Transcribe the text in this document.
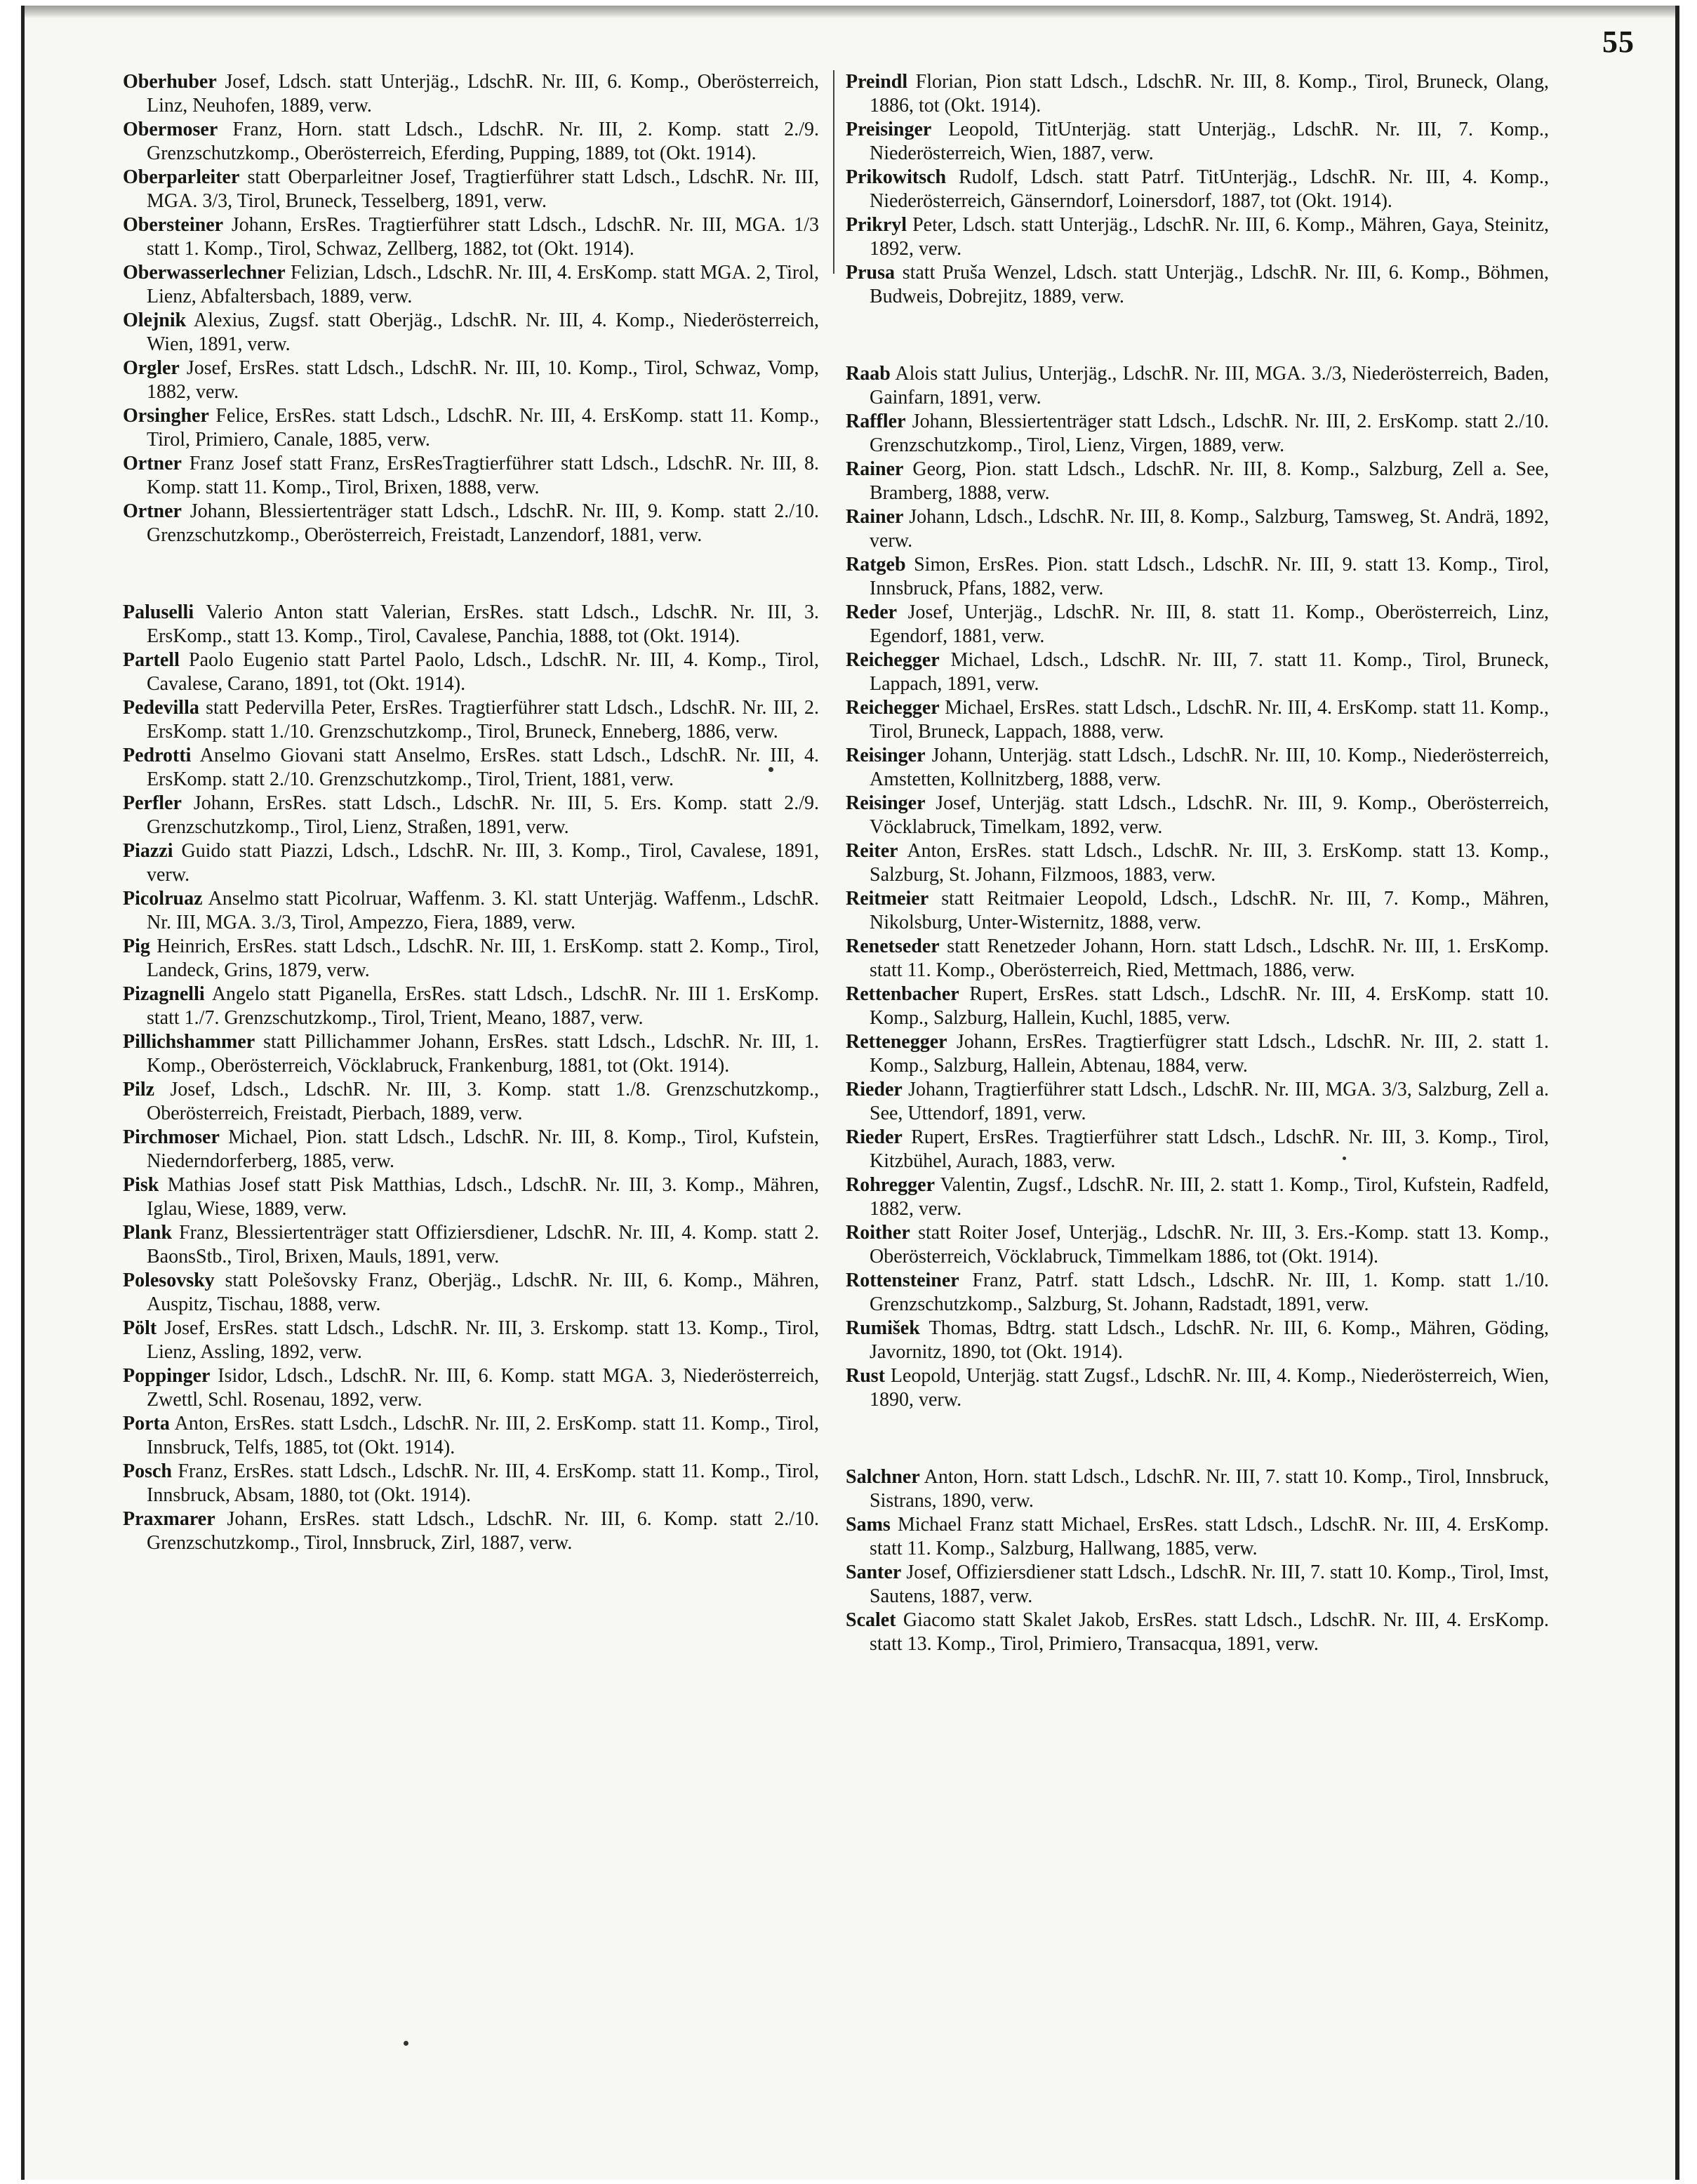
55

Oberhuber Josef, Ldsch. statt Unterjäg., LdschR. Nr. III, 6. Komp., Oberösterreich, Linz, Neuhofen, 1889, verw.

Obermoser Franz, Horn. statt Ldsch., LdschR. Nr. III, 2. Komp. statt 2./9. Grenzschutzkomp., Oberösterreich, Eferding, Pupping, 1889, tot (Okt. 1914).

Oberparleiter statt Oberparleitner Josef, Tragtierführer statt Ldsch., LdschR. Nr. III, MGA. 3/3, Tirol, Bruneck, Tesselberg, 1891, verw.

Obersteiner Johann, ErsRes. Tragtierführer statt Ldsch., LdschR. Nr. III, MGA. 1/3 statt 1. Komp., Tirol, Schwaz, Zellberg, 1882, tot (Okt. 1914).

Oberwasserlechner Felizian, Ldsch., LdschR. Nr. III, 4. ErsKomp. statt MGA. 2, Tirol, Lienz, Abfaltersbach, 1889, verw.

Olejnik Alexius, Zugsf. statt Oberjäg., LdschR. Nr. III, 4. Komp., Niederösterreich, Wien, 1891, verw.

Orgler Josef, ErsRes. statt Ldsch., LdschR. Nr. III, 10. Komp., Tirol, Schwaz, Vomp, 1882, verw.

Orsingher Felice, ErsRes. statt Ldsch., LdschR. Nr. III, 4. ErsKomp. statt 11. Komp., Tirol, Primiero, Canale, 1885, verw.

Ortner Franz Josef statt Franz, ErsResTragtierführer statt Ldsch., LdschR. Nr. III, 8. Komp. statt 11. Komp., Tirol, Brixen, 1888, verw.

Ortner Johann, Blessiertenträger statt Ldsch., LdschR. Nr. III, 9. Komp. statt 2./10. Grenzschutzkomp., Oberösterreich, Freistadt, Lanzendorf, 1881, verw.

Paluselli Valerio Anton statt Valerian, ErsRes. statt Ldsch., LdschR. Nr. III, 3. ErsKomp., statt 13. Komp., Tirol, Cavalese, Panchia, 1888, tot (Okt. 1914).

Partell Paolo Eugenio statt Partel Paolo, Ldsch., LdschR. Nr. III, 4. Komp., Tirol, Cavalese, Carano, 1891, tot (Okt. 1914).

Pedevilla statt Pedervilla Peter, ErsRes. Tragtierführer statt Ldsch., LdschR. Nr. III, 2. ErsKomp. statt 1./10. Grenzschutzkomp., Tirol, Bruneck, Enneberg, 1886, verw.

Pedrotti Anselmo Giovani statt Anselmo, ErsRes. statt Ldsch., LdschR. Nr. III, 4. ErsKomp. statt 2./10. Grenzschutzkomp., Tirol, Trient, 1881, verw.

Perfler Johann, ErsRes. statt Ldsch., LdschR. Nr. III, 5. Ers. Komp. statt 2./9. Grenzschutzkomp., Tirol, Lienz, Straßen, 1891, verw.

Piazzi Guido statt Piazzi, Ldsch., LdschR. Nr. III, 3. Komp., Tirol, Cavalese, 1891, verw.

Picolruaz Anselmo statt Picolruar, Waffenm. 3. Kl. statt Unterjäg. Waffenm., LdschR. Nr. III, MGA. 3./3, Tirol, Ampezzo, Fiera, 1889, verw.

Pig Heinrich, ErsRes. statt Ldsch., LdschR. Nr. III, 1. ErsKomp. statt 2. Komp., Tirol, Landeck, Grins, 1879, verw.

Pizagnelli Angelo statt Piganella, ErsRes. statt Ldsch., LdschR. Nr. III 1. ErsKomp. statt 1./7. Grenzschutzkomp., Tirol, Trient, Meano, 1887, verw.

Pillichshammer statt Pillichammer Johann, ErsRes. statt Ldsch., LdschR. Nr. III, 1. Komp., Oberösterreich, Vöcklabruck, Frankenburg, 1881, tot (Okt. 1914).

Pilz Josef, Ldsch., LdschR. Nr. III, 3. Komp. statt 1./8. Grenzschutzkomp., Oberösterreich, Freistadt, Pierbach, 1889, verw.

Pirchmoser Michael, Pion. statt Ldsch., LdschR. Nr. III, 8. Komp., Tirol, Kufstein, Niederndorferberg, 1885, verw.

Pisk Mathias Josef statt Pisk Matthias, Ldsch., LdschR. Nr. III, 3. Komp., Mähren, Iglau, Wiese, 1889, verw.

Plank Franz, Blessiertenträger statt Offiziersdiener, LdschR. Nr. III, 4. Komp. statt 2. BaonsStb., Tirol, Brixen, Mauls, 1891, verw.

Polesovsky statt Polešovsky Franz, Oberjäg., LdschR. Nr. III, 6. Komp., Mähren, Auspitz, Tischau, 1888, verw.

Pölt Josef, ErsRes. statt Ldsch., LdschR. Nr. III, 3. Erskomp. statt 13. Komp., Tirol, Lienz, Assling, 1892, verw.

Poppinger Isidor, Ldsch., LdschR. Nr. III, 6. Komp. statt MGA. 3, Niederösterreich, Zwettl, Schl. Rosenau, 1892, verw.

Porta Anton, ErsRes. statt Lsdch., LdschR. Nr. III, 2. ErsKomp. statt 11. Komp., Tirol, Innsbruck, Telfs, 1885, tot (Okt. 1914).

Posch Franz, ErsRes. statt Ldsch., LdschR. Nr. III, 4. ErsKomp. statt 11. Komp., Tirol, Innsbruck, Absam, 1880, tot (Okt. 1914).

Praxmarer Johann, ErsRes. statt Ldsch., LdschR. Nr. III, 6. Komp. statt 2./10. Grenzschutzkomp., Tirol, Innsbruck, Zirl, 1887, verw.

Preindl Florian, Pion statt Ldsch., LdschR. Nr. III, 8. Komp., Tirol, Bruneck, Olang, 1886, tot (Okt. 1914).

Preisinger Leopold, TitUnterjäg. statt Unterjäg., LdschR. Nr. III, 7. Komp., Niederösterreich, Wien, 1887, verw.

Prikowitsch Rudolf, Ldsch. statt Patrf. TitUnterjäg., LdschR. Nr. III, 4. Komp., Niederösterreich, Gänserndorf, Loinersdorf, 1887, tot (Okt. 1914).

Prikryl Peter, Ldsch. statt Unterjäg., LdschR. Nr. III, 6. Komp., Mähren, Gaya, Steinitz, 1892, verw.

Prusa statt Pruša Wenzel, Ldsch. statt Unterjäg., LdschR. Nr. III, 6. Komp., Böhmen, Budweis, Dobrejitz, 1889, verw.

Raab Alois statt Julius, Unterjäg., LdschR. Nr. III, MGA. 3./3, Niederösterreich, Baden, Gainfarn, 1891, verw.

Raffler Johann, Blessiertenträger statt Ldsch., LdschR. Nr. III, 2. ErsKomp. statt 2./10. Grenzschutzkomp., Tirol, Lienz, Virgen, 1889, verw.

Rainer Georg, Pion. statt Ldsch., LdschR. Nr. III, 8. Komp., Salzburg, Zell a. See, Bramberg, 1888, verw.

Rainer Johann, Ldsch., LdschR. Nr. III, 8. Komp., Salzburg, Tamsweg, St. Andrä, 1892, verw.

Ratgeb Simon, ErsRes. Pion. statt Ldsch., LdschR. Nr. III, 9. statt 13. Komp., Tirol, Innsbruck, Pfans, 1882, verw.

Reder Josef, Unterjäg., LdschR. Nr. III, 8. statt 11. Komp., Oberösterreich, Linz, Egendorf, 1881, verw.

Reichegger Michael, Ldsch., LdschR. Nr. III, 7. statt 11. Komp., Tirol, Bruneck, Lappach, 1891, verw.

Reichegger Michael, ErsRes. statt Ldsch., LdschR. Nr. III, 4. ErsKomp. statt 11. Komp., Tirol, Bruneck, Lappach, 1888, verw.

Reisinger Johann, Unterjäg. statt Ldsch., LdschR. Nr. III, 10. Komp., Niederösterreich, Amstetten, Kollnitzberg, 1888, verw.

Reisinger Josef, Unterjäg. statt Ldsch., LdschR. Nr. III, 9. Komp., Oberösterreich, Vöcklabruck, Timelkam, 1892, verw.

Reiter Anton, ErsRes. statt Ldsch., LdschR. Nr. III, 3. ErsKomp. statt 13. Komp., Salzburg, St. Johann, Filzmoos, 1883, verw.

Reitmeier statt Reitmaier Leopold, Ldsch., LdschR. Nr. III, 7. Komp., Mähren, Nikolsburg, Unter-Wisternitz, 1888, verw.

Renetseder statt Renetzeder Johann, Horn. statt Ldsch., LdschR. Nr. III, 1. ErsKomp. statt 11. Komp., Oberösterreich, Ried, Mettmach, 1886, verw.

Rettenbacher Rupert, ErsRes. statt Ldsch., LdschR. Nr. III, 4. ErsKomp. statt 10. Komp., Salzburg, Hallein, Kuchl, 1885, verw.

Rettenegger Johann, ErsRes. Tragtierfügrer statt Ldsch., LdschR. Nr. III, 2. statt 1. Komp., Salzburg, Hallein, Abtenau, 1884, verw.

Rieder Johann, Tragtierführer statt Ldsch., LdschR. Nr. III, MGA. 3/3, Salzburg, Zell a. See, Uttendorf, 1891, verw.

Rieder Rupert, ErsRes. Tragtierführer statt Ldsch., LdschR. Nr. III, 3. Komp., Tirol, Kitzbühel, Aurach, 1883, verw.

Rohregger Valentin, Zugsf., LdschR. Nr. III, 2. statt 1. Komp., Tirol, Kufstein, Radfeld, 1882, verw.

Roither statt Roiter Josef, Unterjäg., LdschR. Nr. III, 3. Ers.-Komp. statt 13. Komp., Oberösterreich, Vöcklabruck, Timmelkam 1886, tot (Okt. 1914).

Rottensteiner Franz, Patrf. statt Ldsch., LdschR. Nr. III, 1. Komp. statt 1./10. Grenzschutzkomp., Salzburg, St. Johann, Radstadt, 1891, verw.

Rumišek Thomas, Bdtrg. statt Ldsch., LdschR. Nr. III, 6. Komp., Mähren, Göding, Javornitz, 1890, tot (Okt. 1914).

Rust Leopold, Unterjäg. statt Zugsf., LdschR. Nr. III, 4. Komp., Niederösterreich, Wien, 1890, verw.

Salchner Anton, Horn. statt Ldsch., LdschR. Nr. III, 7. statt 10. Komp., Tirol, Innsbruck, Sistrans, 1890, verw.

Sams Michael Franz statt Michael, ErsRes. statt Ldsch., LdschR. Nr. III, 4. ErsKomp. statt 11. Komp., Salzburg, Hallwang, 1885, verw.

Santer Josef, Offiziersdiener statt Ldsch., LdschR. Nr. III, 7. statt 10. Komp., Tirol, Imst, Sautens, 1887, verw.

Scalet Giacomo statt Skalet Jakob, ErsRes. statt Ldsch., LdschR. Nr. III, 4. ErsKomp. statt 13. Komp., Tirol, Primiero, Transacqua, 1891, verw.
